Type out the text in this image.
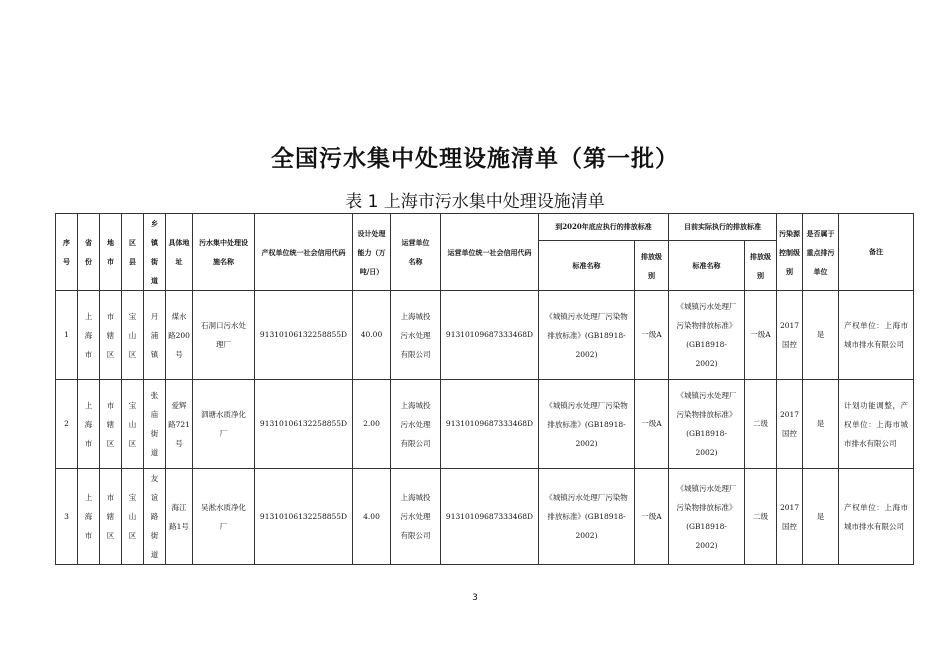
全国污水集中处理设施清单（第一批）
表 1 上海市污水集中处理设施清单
序号	省份	地市	区县	乡镇街道	具体地址	污水集中处理设施名称	产权单位统一社会信用代码	设计处理能力（万吨/日）	运营单位名称	运营单位统一社会信用代码	到2020年底应执行的排放标准		目前实际执行的排放标准		污染源控制级别	是否属于重点排污单位	备注
											标准名称	排放级别	标准名称	排放级别			
1	上海市	市辖区	宝山区	月浦镇	煤水路200号	石洞口污水处理厂	91310106132258855D	40.00	上海城投污水处理有限公司	91310109687333468D	《城镇污水处理厂污染物排放标准》(GB18918-2002)	一级A	《城镇污水处理厂污染物排放标准》(GB18918-2002)	一级A	2017国控	是	产权单位：上海市城市排水有限公司
2	上海市	市辖区	宝山区	张庙街道	爱辉路721号	泗塘水质净化厂	91310106132258855D	2.00	上海城投污水处理有限公司	91310109687333468D	《城镇污水处理厂污染物排放标准》(GB18918-2002)	一级A	《城镇污水处理厂污染物排放标准》(GB18918-2002)	二级	2017国控	是	计划功能调整，产权单位：上海市城市排水有限公司
3	上海市	市辖区	宝山区	友谊路街道	海江路1号	吴淞水质净化厂	91310106132258855D	4.00	上海城投污水处理有限公司	91310109687333468D	《城镇污水处理厂污染物排放标准》(GB18918-2002)	一级A	《城镇污水处理厂污染物排放标准》(GB18918-2002)	二级	2017国控	是	产权单位：上海市城市排水有限公司
3
